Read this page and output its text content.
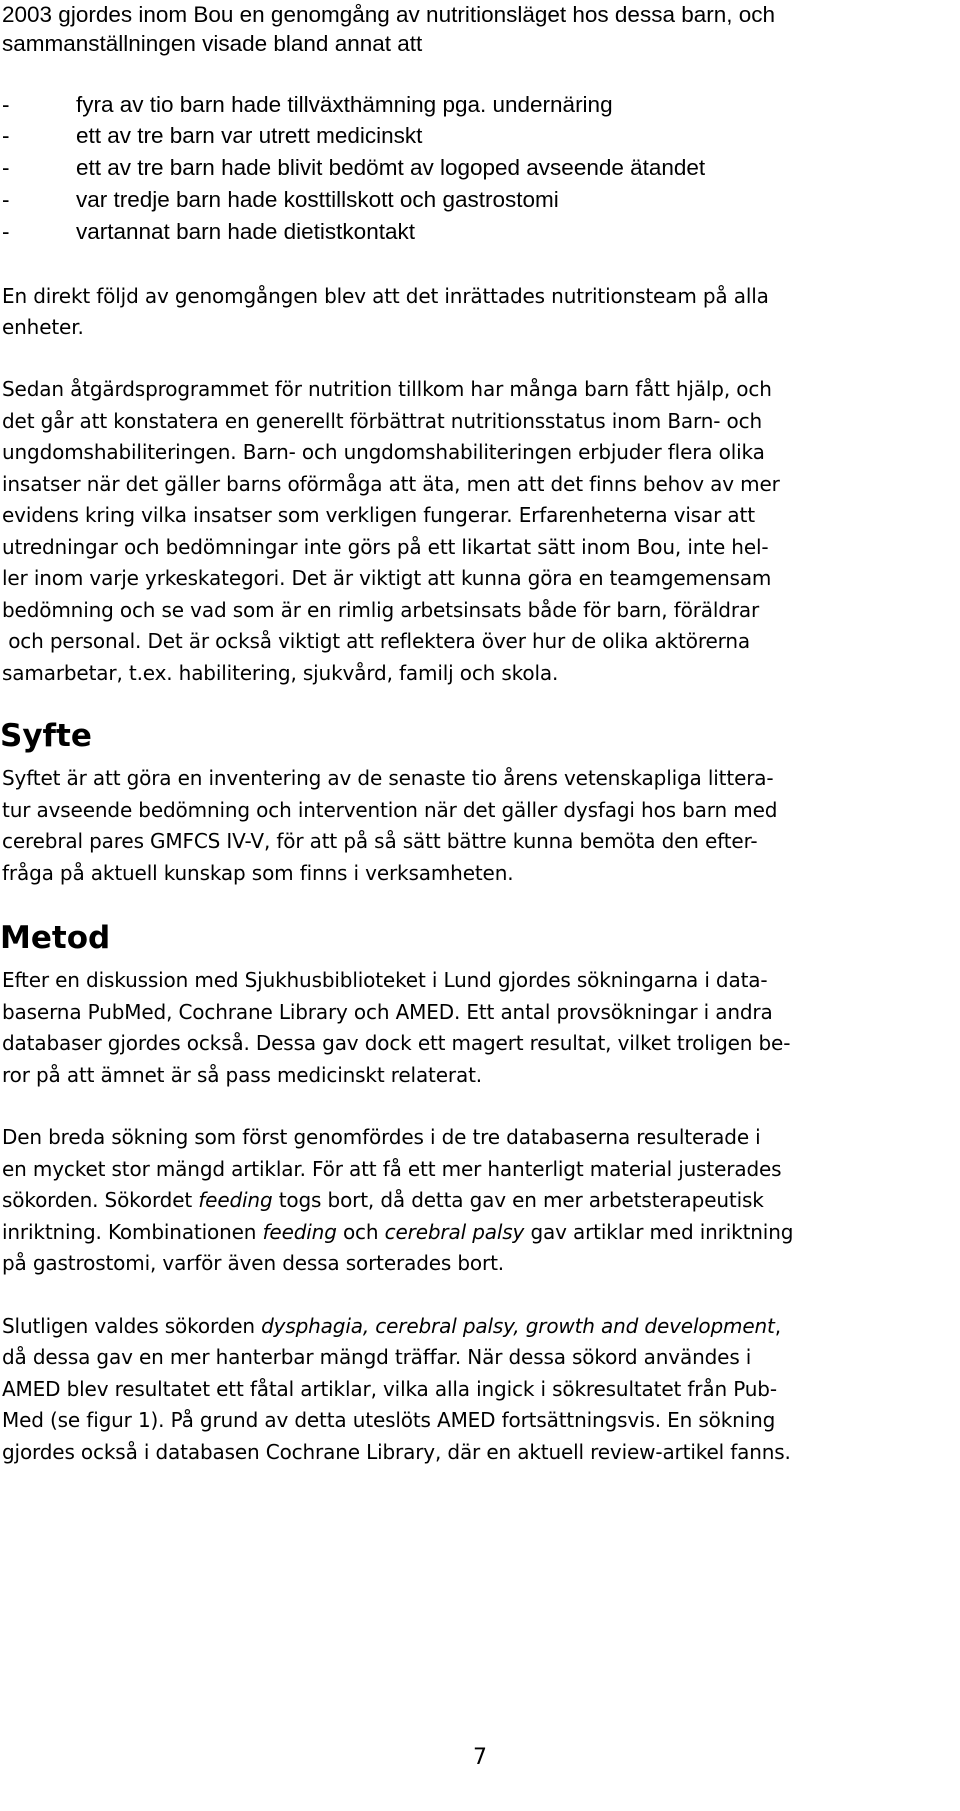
2003 gjordes inom Bou en genomgång av nutritionsläget hos dessa barn, och
sammanställningen visade bland annat att
-	fyra av tio barn hade tillväxthämning pga. undernäring
-	ett av tre barn var utrett medicinskt
-	ett av tre barn hade blivit bedömt av logoped avseende ätandet
-	var tredje barn hade kosttillskott och gastrostomi
-	vartannat barn hade dietistkontakt
En direkt följd av genomgången blev att det inrättades nutritionsteam på alla
enheter.
Sedan åtgärdsprogrammet för nutrition tillkom har många barn fått hjälp, och
det går att konstatera en generellt förbättrat nutritionsstatus inom Barn- och
ungdomshabiliteringen. Barn- och ungdomshabiliteringen erbjuder flera olika
insatser när det gäller barns oförmåga att äta, men att det finns behov av mer
evidens kring vilka insatser som verkligen fungerar. Erfarenheterna visar att
utredningar och bedömningar inte görs på ett likartat sätt inom Bou, inte hel-
ler inom varje yrkeskategori. Det är viktigt att kunna göra en teamgemensam
bedömning och se vad som är en rimlig arbetsinsats både för barn, föräldrar
och personal. Det är också viktigt att reflektera över hur de olika aktörerna
samarbetar, t.ex. habilitering, sjukvård, familj och skola.
Syfte
Syftet är att göra en inventering av de senaste tio årens vetenskapliga littera-
tur avseende bedömning och intervention när det gäller dysfagi hos barn med
cerebral pares GMFCS IV-V, för att på så sätt bättre kunna bemöta den efter-
fråga på aktuell kunskap som finns i verksamheten.
Metod
Efter en diskussion med Sjukhusbiblioteket i Lund gjordes sökningarna i data-
baserna PubMed, Cochrane Library och AMED. Ett antal provsökningar i andra
databaser gjordes också. Dessa gav dock ett magert resultat, vilket troligen be-
ror på att ämnet är så pass medicinskt relaterat.
Den breda sökning som först genomfördes i de tre databaserna resulterade i
en mycket stor mängd artiklar. För att få ett mer hanterligt material justerades
sökorden. Sökordet feeding togs bort, då detta gav en mer arbetsterapeutisk
inriktning. Kombinationen feeding och cerebral palsy gav artiklar med inriktning
på gastrostomi, varför även dessa sorterades bort.
Slutligen valdes sökorden dysphagia, cerebral palsy, growth and development,
då dessa gav en mer hanterbar mängd träffar. När dessa sökord användes i
AMED blev resultatet ett fåtal artiklar, vilka alla ingick i sökresultatet från Pub-
Med (se figur 1). På grund av detta uteslöts AMED fortsättningsvis. En sökning
gjordes också i databasen Cochrane Library, där en aktuell review-artikel fanns.
7
